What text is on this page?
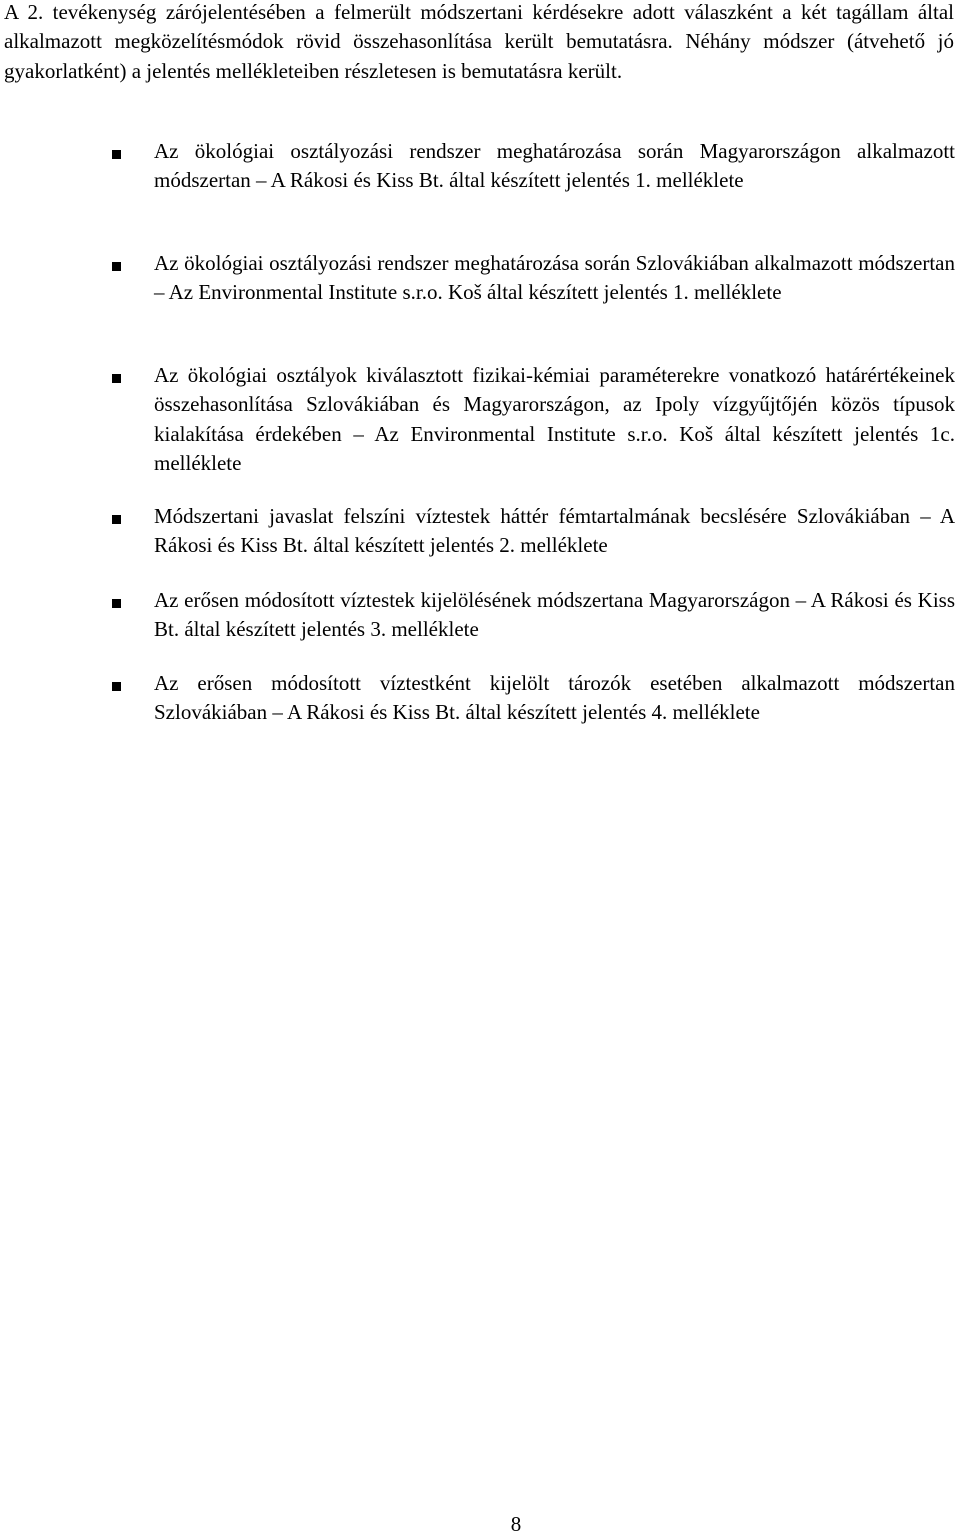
A 2. tevékenység zárójelentésében a felmerült módszertani kérdésekre adott válaszként a két tagállam által alkalmazott megközelítésmódok rövid összehasonlítása került bemutatásra. Néhány módszer (átvehető jó gyakorlatként) a jelentés mellékleteiben részletesen is bemutatásra került.

Az ökológiai osztályozási rendszer meghatározása során Magyarországon alkalmazott módszertan – A Rákosi és Kiss Bt. által készített jelentés 1. melléklete

Az ökológiai osztályozási rendszer meghatározása során Szlovákiában alkalmazott módszertan – Az Environmental Institute s.r.o. Koš által készített jelentés 1. melléklete

Az ökológiai osztályok kiválasztott fizikai-kémiai paraméterekre vonatkozó határértékeinek összehasonlítása Szlovákiában és Magyarországon, az Ipoly vízgyűjtőjén közös típusok kialakítása érdekében – Az Environmental Institute s.r.o. Koš által készített jelentés 1c. melléklete

Módszertani javaslat felszíni víztestek háttér fémtartalmának becslésére Szlovákiában – A Rákosi és Kiss Bt. által készített jelentés 2. melléklete

Az erősen módosított víztestek kijelölésének módszertana Magyarországon – A Rákosi és Kiss Bt. által készített jelentés 3. melléklete

Az erősen módosított víztestként kijelölt tározók esetében alkalmazott módszertan Szlovákiában – A Rákosi és Kiss Bt. által készített jelentés 4. melléklete

8
